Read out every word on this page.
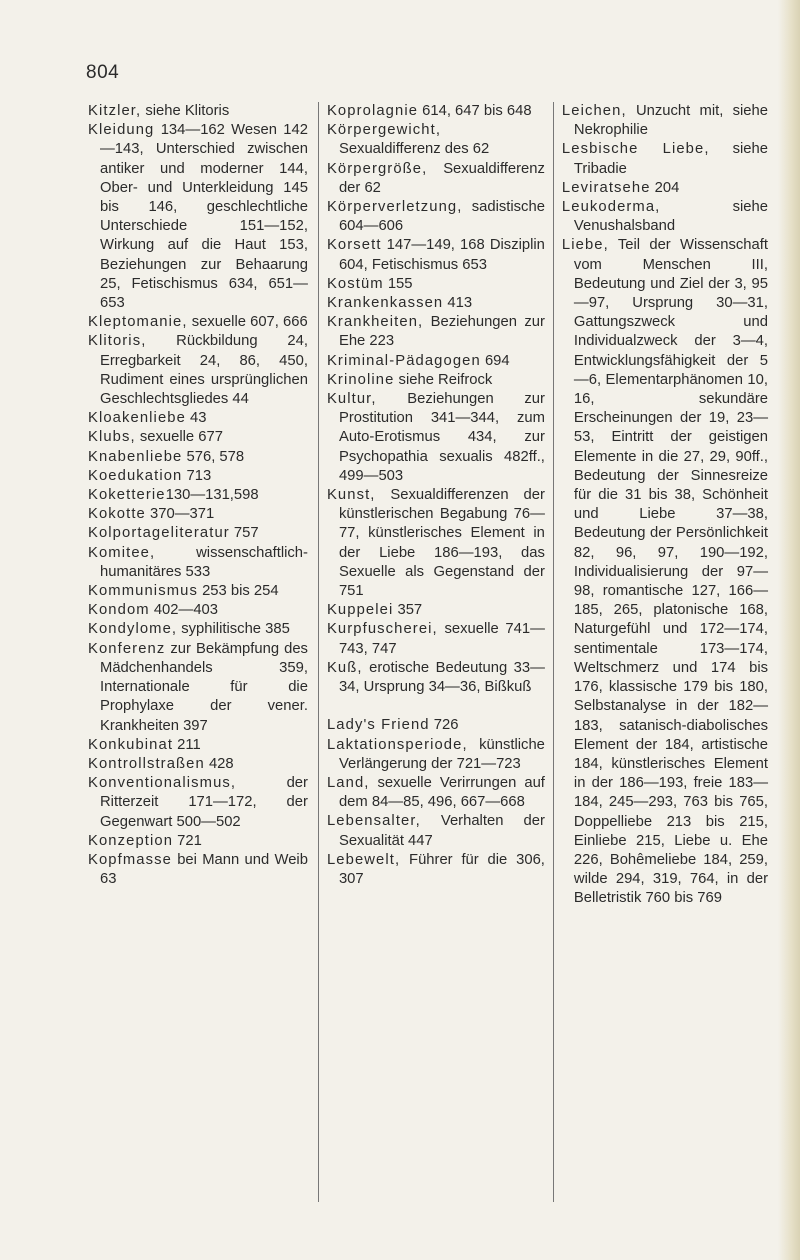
804

Kitzler, siehe Klitoris

Kleidung 134—162 Wesen 142—143, Unterschied zwischen antiker und moderner 144, Ober- und Unterkleidung 145 bis 146, geschlechtliche Unterschiede 151—152, Wirkung auf die Haut 153, Beziehungen zur Behaarung 25, Fetischismus 634, 651—653

Kleptomanie, sexuelle 607, 666

Klitoris, Rückbildung 24, Erregbarkeit 24, 86, 450, Rudiment eines ursprünglichen Geschlechtsgliedes 44

Kloakenliebe 43

Klubs, sexuelle 677

Knabenliebe 576, 578

Koedukation 713

Koketterie130—131,598

Kokotte 370—371

Kolportageliteratur 757

Komitee, wissenschaftlich-humanitäres 533

Kommunismus 253 bis 254

Kondom 402—403

Kondylome, syphilitische 385

Konferenz zur Bekämpfung des Mädchenhandels 359, Internationale für die Prophylaxe der vener. Krankheiten 397

Konkubinat 211

Kontrollstraßen 428

Konventionalismus, der Ritterzeit 171—172, der Gegenwart 500—502

Konzeption 721

Kopfmasse bei Mann und Weib 63

Koprolagnie 614, 647 bis 648

Körpergewicht, Sexualdifferenz des 62

Körpergröße, Sexualdifferenz der 62

Körperverletzung, sadistische 604—606

Korsett 147—149, 168 Disziplin 604, Fetischismus 653

Kostüm 155

Krankenkassen 413

Krankheiten, Beziehungen zur Ehe 223

Kriminal-Pädagogen 694

Krinoline siehe Reifrock

Kultur, Beziehungen zur Prostitution 341—344, zum Auto-Erotismus 434, zur Psychopathia sexualis 482ff., 499—503

Kunst, Sexualdifferenzen der künstlerischen Begabung 76—77, künstlerisches Element in der Liebe 186—193, das Sexuelle als Gegenstand der 751

Kuppelei 357

Kurpfuscherei, sexuelle 741—743, 747

Kuß, erotische Bedeutung 33—34, Ursprung 34—36, Bißkuß

Lady's Friend 726

Laktationsperiode, künstliche Verlängerung der 721—723

Land, sexuelle Verirrungen auf dem 84—85, 496, 667—668

Lebensalter, Verhalten der Sexualität 447

Lebewelt, Führer für die 306, 307

Leichen, Unzucht mit, siehe Nekrophilie

Lesbische Liebe, siehe Tribadie

Leviratsehe 204

Leukoderma, siehe Venushalsband

Liebe, Teil der Wissenschaft vom Menschen III, Bedeutung und Ziel der 3, 95—97, Ursprung 30—31, Gattungszweck und Individualzweck der 3—4, Entwicklungsfähigkeit der 5—6, Elementarphänomen 10, 16, sekundäre Erscheinungen der 19, 23—53, Eintritt der geistigen Elemente in die 27, 29, 90ff., Bedeutung der Sinnesreize für die 31 bis 38, Schönheit und Liebe 37—38, Bedeutung der Persönlichkeit 82, 96, 97, 190—192, Individualisierung der 97—98, romantische 127, 166—185, 265, platonische 168, Naturgefühl und 172—174, sentimentale 173—174, Weltschmerz und 174 bis 176, klassische 179 bis 180, Selbstanalyse in der 182—183, satanisch-diabolisches Element der 184, artistische 184, künstlerisches Element in der 186—193, freie 183—184, 245—293, 763 bis 765, Doppelliebe 213 bis 215, Einliebe 215, Liebe u. Ehe 226, Bohêmeliebe 184, 259, wilde 294, 319, 764, in der Belletristik 760 bis 769
